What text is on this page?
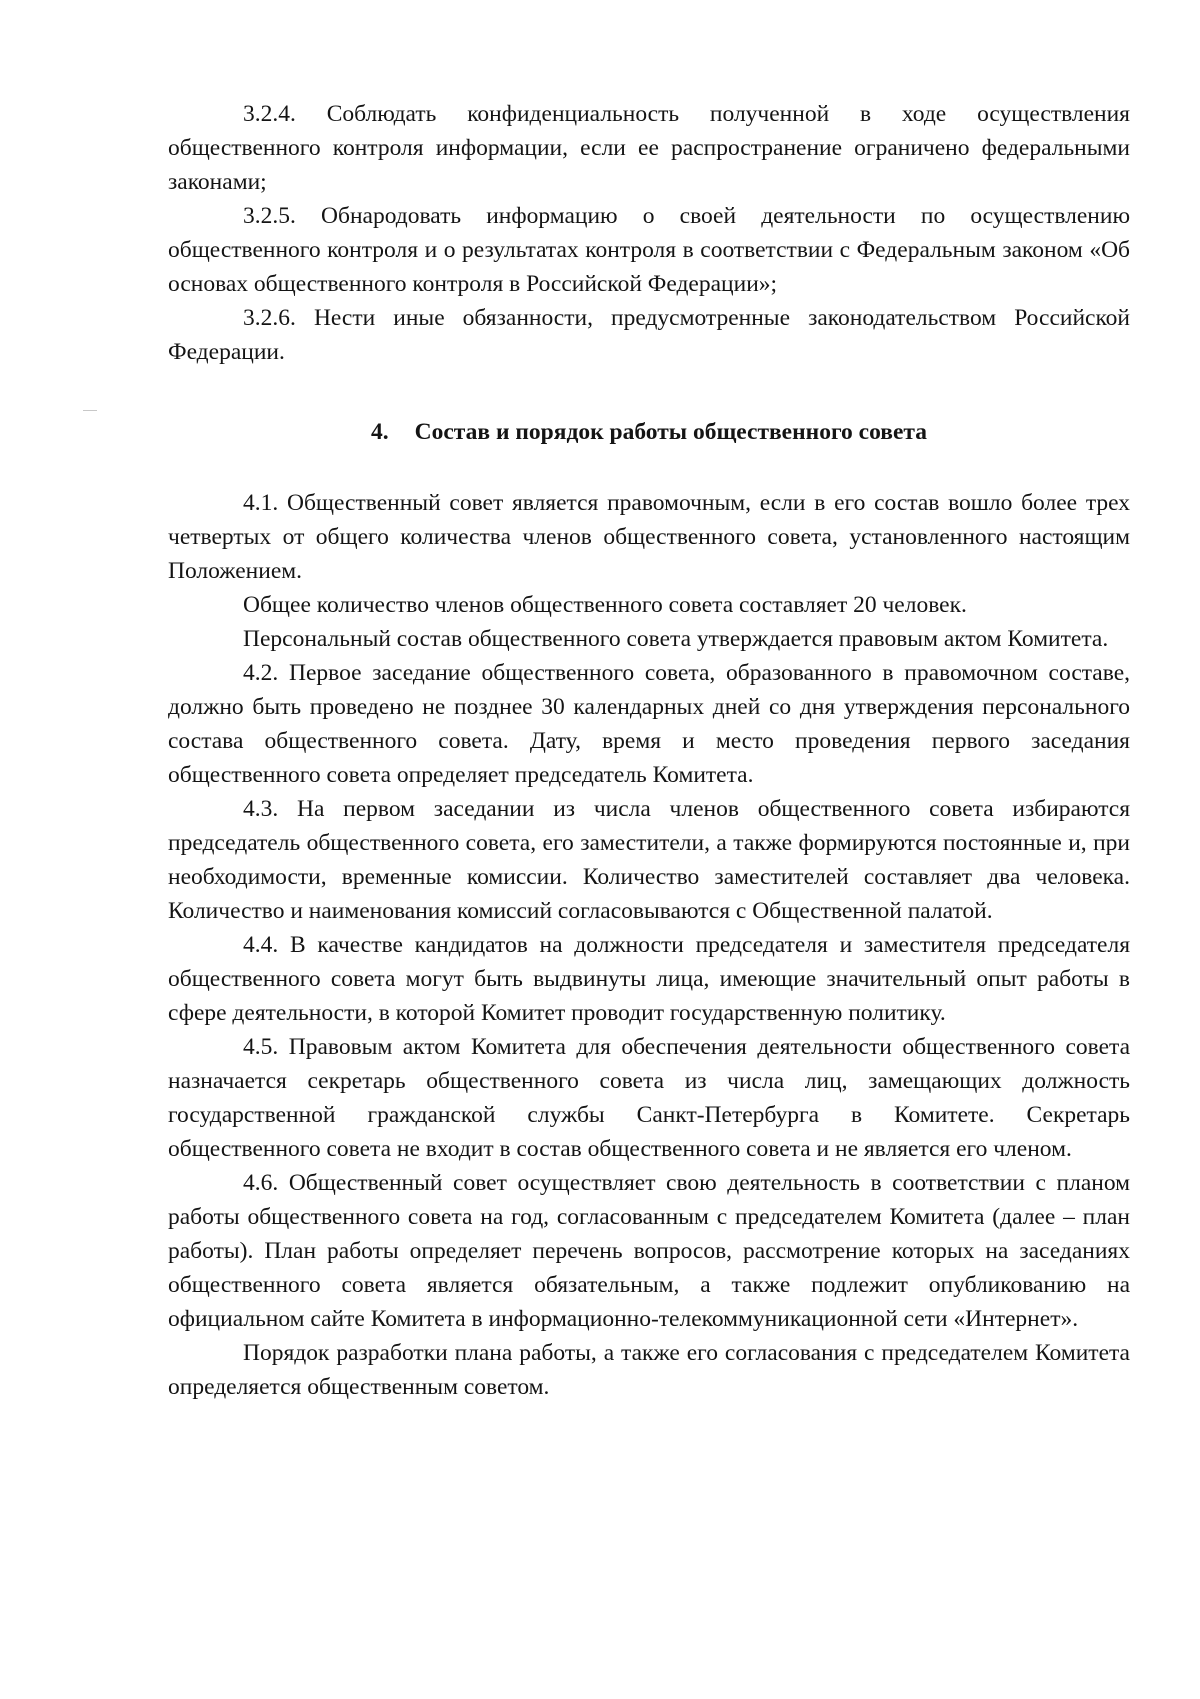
3.2.4. Соблюдать конфиденциальность полученной в ходе осуществления общественного контроля информации, если ее распространение ограничено федеральными законами;

3.2.5. Обнародовать информацию о своей деятельности по осуществлению общественного контроля и о результатах контроля в соответствии с Федеральным законом «Об основах общественного контроля в Российской Федерации»;

3.2.6. Нести иные обязанности, предусмотренные законодательством Российской Федерации.

4. Состав и порядок работы общественного совета

4.1. Общественный совет является правомочным, если в его состав вошло более трех четвертых от общего количества членов общественного совета, установленного настоящим Положением.

Общее количество членов общественного совета составляет 20 человек.

Персональный состав общественного совета утверждается правовым актом Комитета.

4.2. Первое заседание общественного совета, образованного в правомочном составе, должно быть проведено не позднее 30 календарных дней со дня утверждения персонального состава общественного совета. Дату, время и место проведения первого заседания общественного совета определяет председатель Комитета.

4.3. На первом заседании из числа членов общественного совета избираются председатель общественного совета, его заместители, а также формируются постоянные и, при необходимости, временные комиссии. Количество заместителей составляет два человека. Количество и наименования комиссий согласовываются с Общественной палатой.

4.4. В качестве кандидатов на должности председателя и заместителя председателя общественного совета могут быть выдвинуты лица, имеющие значительный опыт работы в сфере деятельности, в которой Комитет проводит государственную политику.

4.5. Правовым актом Комитета для обеспечения деятельности общественного совета назначается секретарь общественного совета из числа лиц, замещающих должность государственной гражданской службы Санкт-Петербурга в Комитете. Секретарь общественного совета не входит в состав общественного совета и не является его членом.

4.6. Общественный совет осуществляет свою деятельность в соответствии с планом работы общественного совета на год, согласованным с председателем Комитета (далее – план работы). План работы определяет перечень вопросов, рассмотрение которых на заседаниях общественного совета является обязательным, а также подлежит опубликованию на официальном сайте Комитета в информационно-телекоммуникационной сети «Интернет».

Порядок разработки плана работы, а также его согласования с председателем Комитета определяется общественным советом.
